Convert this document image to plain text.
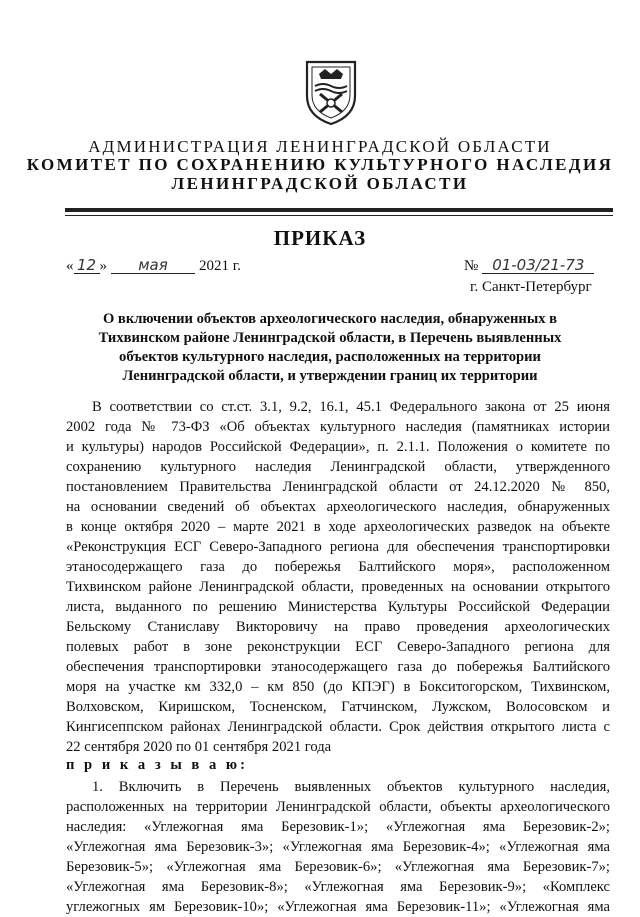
АДМИНИСТРАЦИЯ ЛЕНИНГРАДСКОЙ ОБЛАСТИ
КОМИТЕТ ПО СОХРАНЕНИЮ КУЛЬТУРНОГО НАСЛЕДИЯ
ЛЕНИНГРАДСКОЙ ОБЛАСТИ
ПРИКАЗ
« 12 » мая 2021 г.	№ 01-03/21-73
г. Санкт-Петербург
О включении объектов археологического наследия, обнаруженных в
Тихвинском районе Ленинградской области, в Перечень выявленных
объектов культурного наследия, расположенных на территории
Ленинградской области, и утверждении границ их территории
В соответствии со ст.ст. 3.1, 9.2, 16.1, 45.1 Федерального закона от 25 июня
2002 года № 73-ФЗ «Об объектах культурного наследия (памятниках истории
и культуры) народов Российской Федерации», п. 2.1.1. Положения о комитете по
сохранению культурного наследия Ленинградской области, утвержденного
постановлением Правительства Ленинградской области от 24.12.2020 № 850,
на основании сведений об объектах археологического наследия, обнаруженных
в конце октября 2020 – марте 2021 в ходе археологических разведок на объекте
«Реконструкция ЕСГ Северо-Западного региона для обеспечения транспортировки
этаносодержащего газа до побережья Балтийского моря», расположенном
Тихвинском районе Ленинградской области, проведенных на основании открытого
листа, выданного по решению Министерства Культуры Российской Федерации
Бельскому Станиславу Викторовичу на право проведения археологических
полевых работ в зоне реконструкции ЕСГ Северо-Западного региона для
обеспечения транспортировки этаносодержащего газа до побережья Балтийского
моря на участке км 332,0 – км 850 (до КПЭГ) в Бокситогорском, Тихвинском,
Волховском, Киришском, Тосненском, Гатчинском, Лужском, Волосовском и
Кингисеппском районах Ленинградской области. Срок действия открытого листа с
22 сентября 2020 по 01 сентября 2021 года
п р и к а з ы в а ю:
1. Включить в Перечень выявленных объектов культурного наследия,
расположенных на территории Ленинградской области, объекты археологического
наследия: «Углежогная яма Березовик-1»; «Углежогная яма Березовик-2»;
«Углежогная яма Березовик-3»; «Углежогная яма Березовик-4»; «Углежогная яма
Березовик-5»; «Углежогная яма Березовик-6»; «Углежогная яма Березовик-7»;
«Углежогная яма Березовик-8»; «Углежогная яма Березовик-9»; «Комплекс
углежогных ям Березовик-10»; «Углежогная яма Березовик-11»; «Углежогная яма
